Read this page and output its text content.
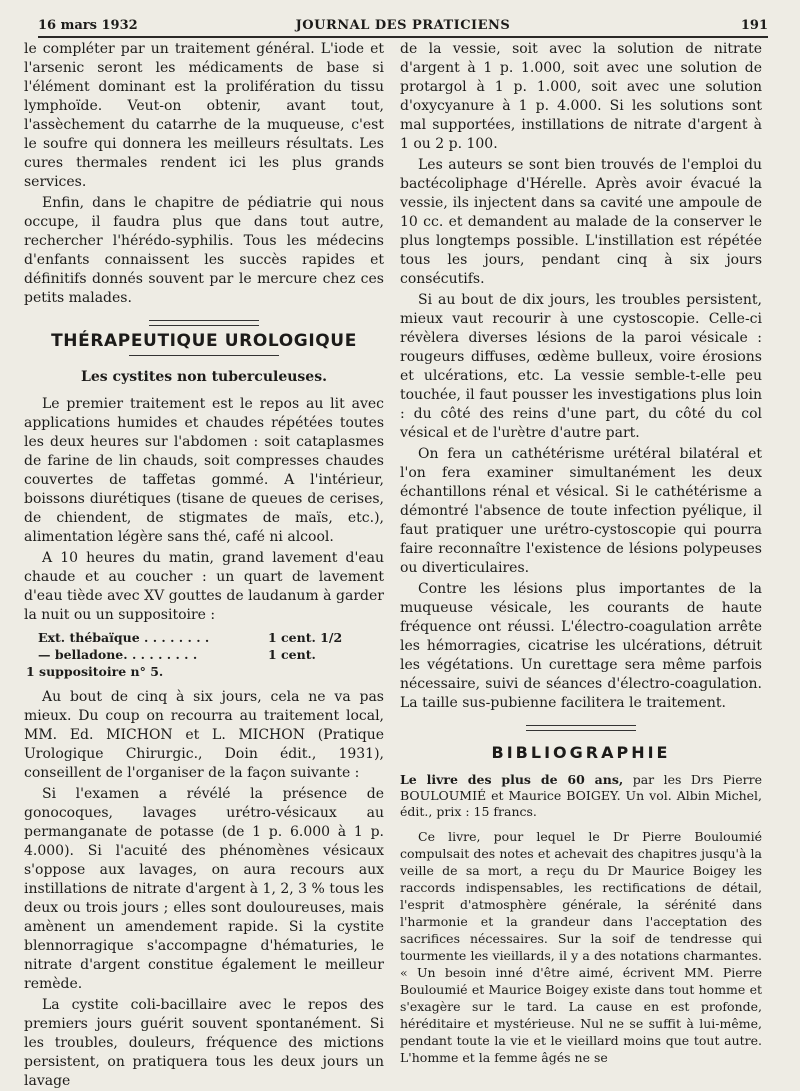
16 mars 1932	JOURNAL DES PRATICIENS	191

le compléter par un traitement général. L'iode et l'arsenic seront les médicaments de base si l'élément dominant est la prolifération du tissu lymphoïde. Veut-on obtenir, avant tout, l'assèchement du catarrhe de la muqueuse, c'est le soufre qui donnera les meilleurs résultats. Les cures thermales rendent ici les plus grands services.

Enfin, dans le chapitre de pédiatrie qui nous occupe, il faudra plus que dans tout autre, rechercher l'hérédo-syphilis. Tous les médecins d'enfants connaissent les succès rapides et définitifs donnés souvent par le mercure chez ces petits malades.

THÉRAPEUTIQUE UROLOGIQUE
Les cystites non tuberculeuses.

Le premier traitement est le repos au lit avec applications humides et chaudes répétées toutes les deux heures sur l'abdomen : soit cataplasmes de farine de lin chauds, soit compresses chaudes couvertes de taffetas gommé. A l'intérieur, boissons diurétiques (tisane de queues de cerises, de chiendent, de stigmates de maïs, etc.), alimentation légère sans thé, café ni alcool.

A 10 heures du matin, grand lavement d'eau chaude et au coucher : un quart de lavement d'eau tiède avec XV gouttes de laudanum à garder la nuit ou un suppositoire :

Ext. thébaïque . . . . . . . .	1 cent. 1/2
— belladone. . . . . . . . .	1 cent.
1 suppositoire n° 5.

Au bout de cinq à six jours, cela ne va pas mieux. Du coup on recourra au traitement local, MM. Ed. MICHON et L. MICHON (Pratique Urologique Chirurgic., Doin édit., 1931), conseillent de l'organiser de la façon suivante :

Si l'examen a révélé la présence de gonocoques, lavages urétro-vésicaux au permanganate de potasse (de 1 p. 6.000 à 1 p. 4.000). Si l'acuité des phénomènes vésicaux s'oppose aux lavages, on aura recours aux instillations de nitrate d'argent à 1, 2, 3 % tous les deux ou trois jours ; elles sont douloureuses, mais amènent un amendement rapide. Si la cystite blennorragique s'accompagne d'hématuries, le nitrate d'argent constitue également le meilleur remède.

La cystite coli-bacillaire avec le repos des premiers jours guérit souvent spontanément. Si les troubles, douleurs, fréquence des mictions persistent, on pratiquera tous les deux jours un lavage

de la vessie, soit avec la solution de nitrate d'argent à 1 p. 1.000, soit avec une solution de protargol à 1 p. 1.000, soit avec une solution d'oxycyanure à 1 p. 4.000. Si les solutions sont mal supportées, instillations de nitrate d'argent à 1 ou 2 p. 100.

Les auteurs se sont bien trouvés de l'emploi du bactécoliphage d'Hérelle. Après avoir évacué la vessie, ils injectent dans sa cavité une ampoule de 10 cc. et demandent au malade de la conserver le plus longtemps possible. L'instillation est répétée tous les jours, pendant cinq à six jours consécutifs.

Si au bout de dix jours, les troubles persistent, mieux vaut recourir à une cystoscopie. Celle-ci révèlera diverses lésions de la paroi vésicale : rougeurs diffuses, œdème bulleux, voire érosions et ulcérations, etc. La vessie semble-t-elle peu touchée, il faut pousser les investigations plus loin : du côté des reins d'une part, du côté du col vésical et de l'urètre d'autre part.

On fera un cathétérisme urétéral bilatéral et l'on fera examiner simultanément les deux échantillons rénal et vésical. Si le cathétérisme a démontré l'absence de toute infection pyélique, il faut pratiquer une urétro-cystoscopie qui pourra faire reconnaître l'existence de lésions polypeuses ou diverticulaires.

Contre les lésions plus importantes de la muqueuse vésicale, les courants de haute fréquence ont réussi. L'électro-coagulation arrête les hémorragies, cicatrise les ulcérations, détruit les végétations. Un curettage sera même parfois nécessaire, suivi de séances d'électro-coagulation. La taille sus-pubienne facilitera le traitement.

BIBLIOGRAPHIE
Le livre des plus de 60 ans, par les Drs Pierre BOULOUMIÉ et Maurice BOIGEY. Un vol. Albin Michel, édit., prix : 15 francs.

Ce livre, pour lequel le Dr Pierre Bouloumié compulsait des notes et achevait des chapitres jusqu'à la veille de sa mort, a reçu du Dr Maurice Boigey les raccords indispensables, les rectifications de détail, l'esprit d'atmosphère générale, la sérénité dans l'harmonie et la grandeur dans l'acceptation des sacrifices nécessaires. Sur la soif de tendresse qui tourmente les vieillards, il y a des notations charmantes. « Un besoin inné d'être aimé, écrivent MM. Pierre Bouloumié et Maurice Boigey existe dans tout homme et s'exagère sur le tard. La cause en est profonde, héréditaire et mystérieuse. Nul ne se suffit à lui-même, pendant toute la vie et le vieillard moins que tout autre. L'homme et la femme âgés ne se
